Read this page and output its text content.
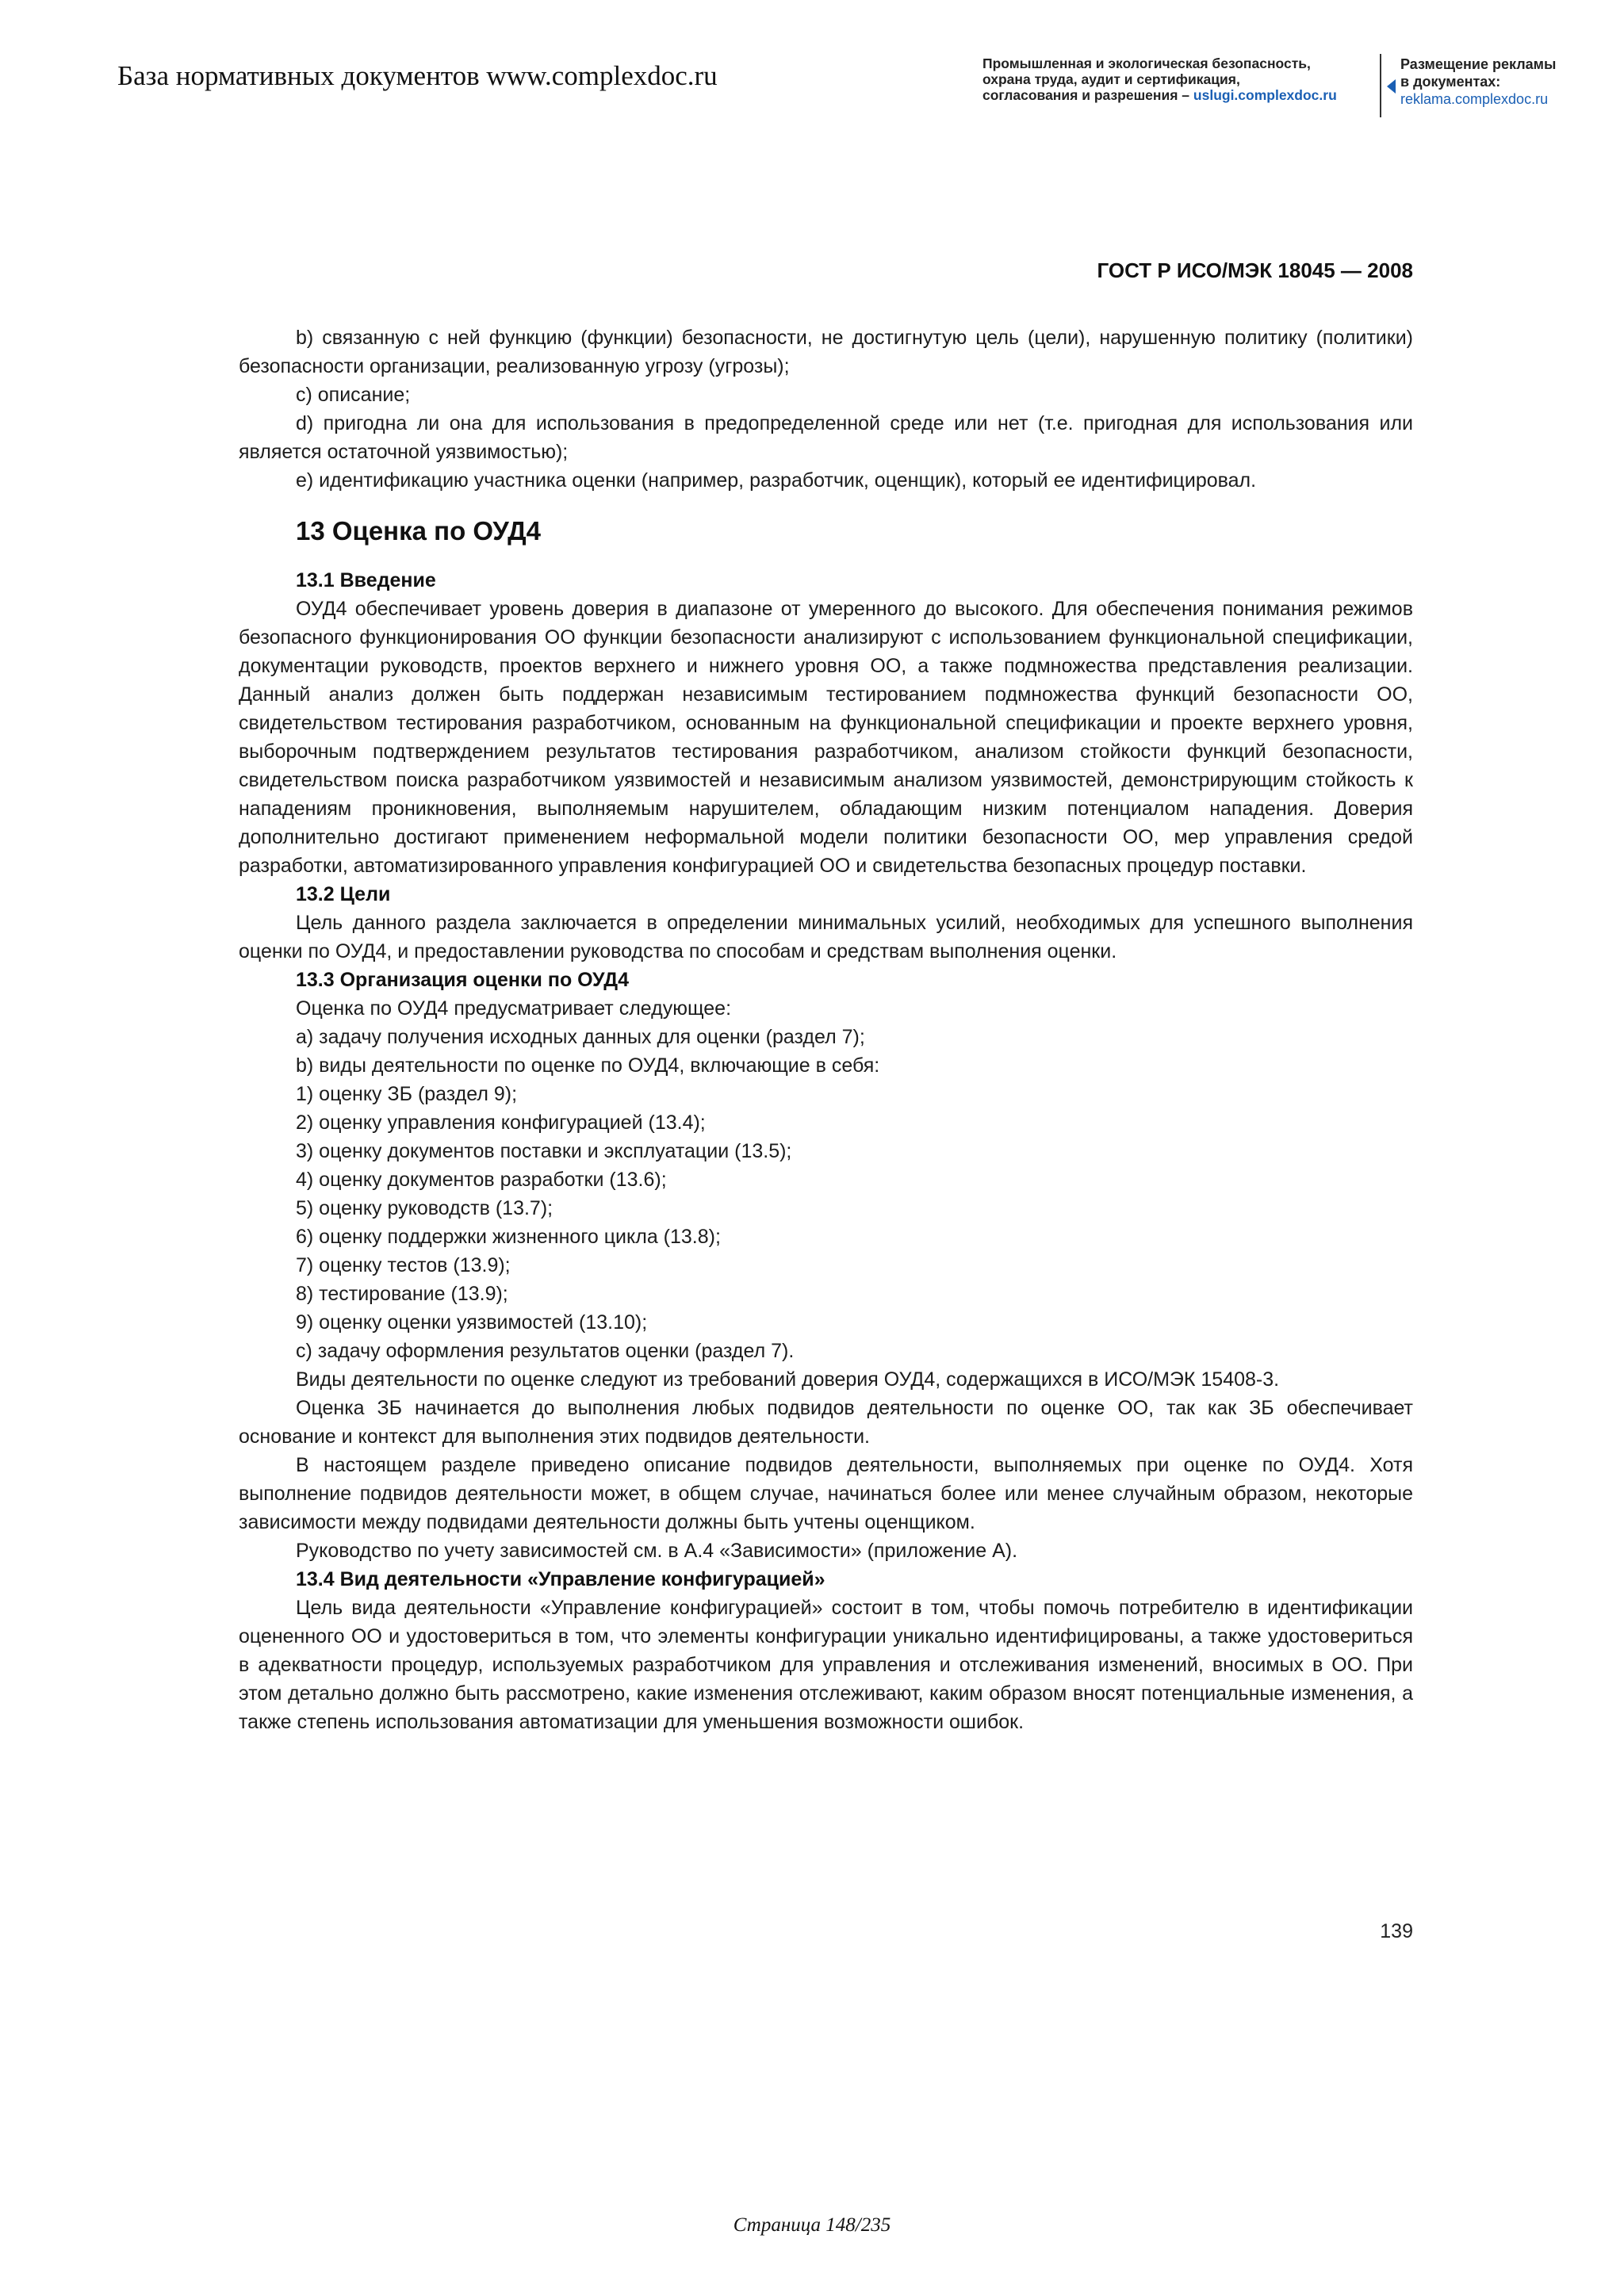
База нормативных документов www.complexdoc.ru	Промышленная и экологическая безопасность,
охрана труда, аудит и сертификация,
согласования и разрешения – uslugi.complexdoc.ru
Размещение рекламы
в документах:
reklama.complexdoc.ru
ГОСТ Р ИСО/МЭК 18045 — 2008

b) связанную с ней функцию (функции) безопасности, не достигнутую цель (цели), нарушенную политику (политики) безопасности организации, реализованную угрозу (угрозы);

c) описание;

d) пригодна ли она для использования в предопределенной среде или нет (т.е. пригодная для использования или является остаточной уязвимостью);

e) идентификацию участника оценки (например, разработчик, оценщик), который ее идентифицировал.

13 Оценка по ОУД4
13.1 Введение

ОУД4 обеспечивает уровень доверия в диапазоне от умеренного до высокого. Для обеспечения понимания режимов безопасного функционирования ОО функции безопасности анализируют с использованием функциональной спецификации, документации руководств, проектов верхнего и нижнего уровня ОО, а также подмножества представления реализации. Данный анализ должен быть поддержан независимым тестированием подмножества функций безопасности ОО, свидетельством тестирования разработчиком, основанным на функциональной спецификации и проекте верхнего уровня, выборочным подтверждением результатов тестирования разработчиком, анализом стойкости функций безопасности, свидетельством поиска разработчиком уязвимостей и независимым анализом уязвимостей, демонстрирующим стойкость к нападениям проникновения, выполняемым нарушителем, обладающим низким потенциалом нападения. Доверия дополнительно достигают применением неформальной модели политики безопасности ОО, мер управления средой разработки, автоматизированного управления конфигурацией ОО и свидетельства безопасных процедур поставки.

13.2 Цели

Цель данного раздела заключается в определении минимальных усилий, необходимых для успешного выполнения оценки по ОУД4, и предоставлении руководства по способам и средствам выполнения оценки.

13.3 Организация оценки по ОУД4

Оценка по ОУД4 предусматривает следующее:

a) задачу получения исходных данных для оценки (раздел 7);

b) виды деятельности по оценке по ОУД4, включающие в себя:

1) оценку ЗБ (раздел 9);

2) оценку управления конфигурацией (13.4);

3) оценку документов поставки и эксплуатации (13.5);

4) оценку документов разработки (13.6);

5) оценку руководств (13.7);

6) оценку поддержки жизненного цикла (13.8);

7) оценку тестов (13.9);

8) тестирование (13.9);

9) оценку оценки уязвимостей (13.10);

c) задачу оформления результатов оценки (раздел 7).

Виды деятельности по оценке следуют из требований доверия ОУД4, содержащихся в ИСО/МЭК 15408-3.

Оценка ЗБ начинается до выполнения любых подвидов деятельности по оценке ОО, так как ЗБ обеспечивает основание и контекст для выполнения этих подвидов деятельности.

В настоящем разделе приведено описание подвидов деятельности, выполняемых при оценке по ОУД4. Хотя выполнение подвидов деятельности может, в общем случае, начинаться более или менее случайным образом, некоторые зависимости между подвидами деятельности должны быть учтены оценщиком.

Руководство по учету зависимостей см. в А.4 «Зависимости» (приложение А).

13.4 Вид деятельности «Управление конфигурацией»

Цель вида деятельности «Управление конфигурацией» состоит в том, чтобы помочь потребителю в идентификации оцененного ОО и удостовериться в том, что элементы конфигурации уникально идентифицированы, а также удостовериться в адекватности процедур, используемых разработчиком для управления и отслеживания изменений, вносимых в ОО. При этом детально должно быть рассмотрено, какие изменения отслеживают, каким образом вносят потенциальные изменения, а также степень использования автоматизации для уменьшения возможности ошибок.

139
Страница 148/235
